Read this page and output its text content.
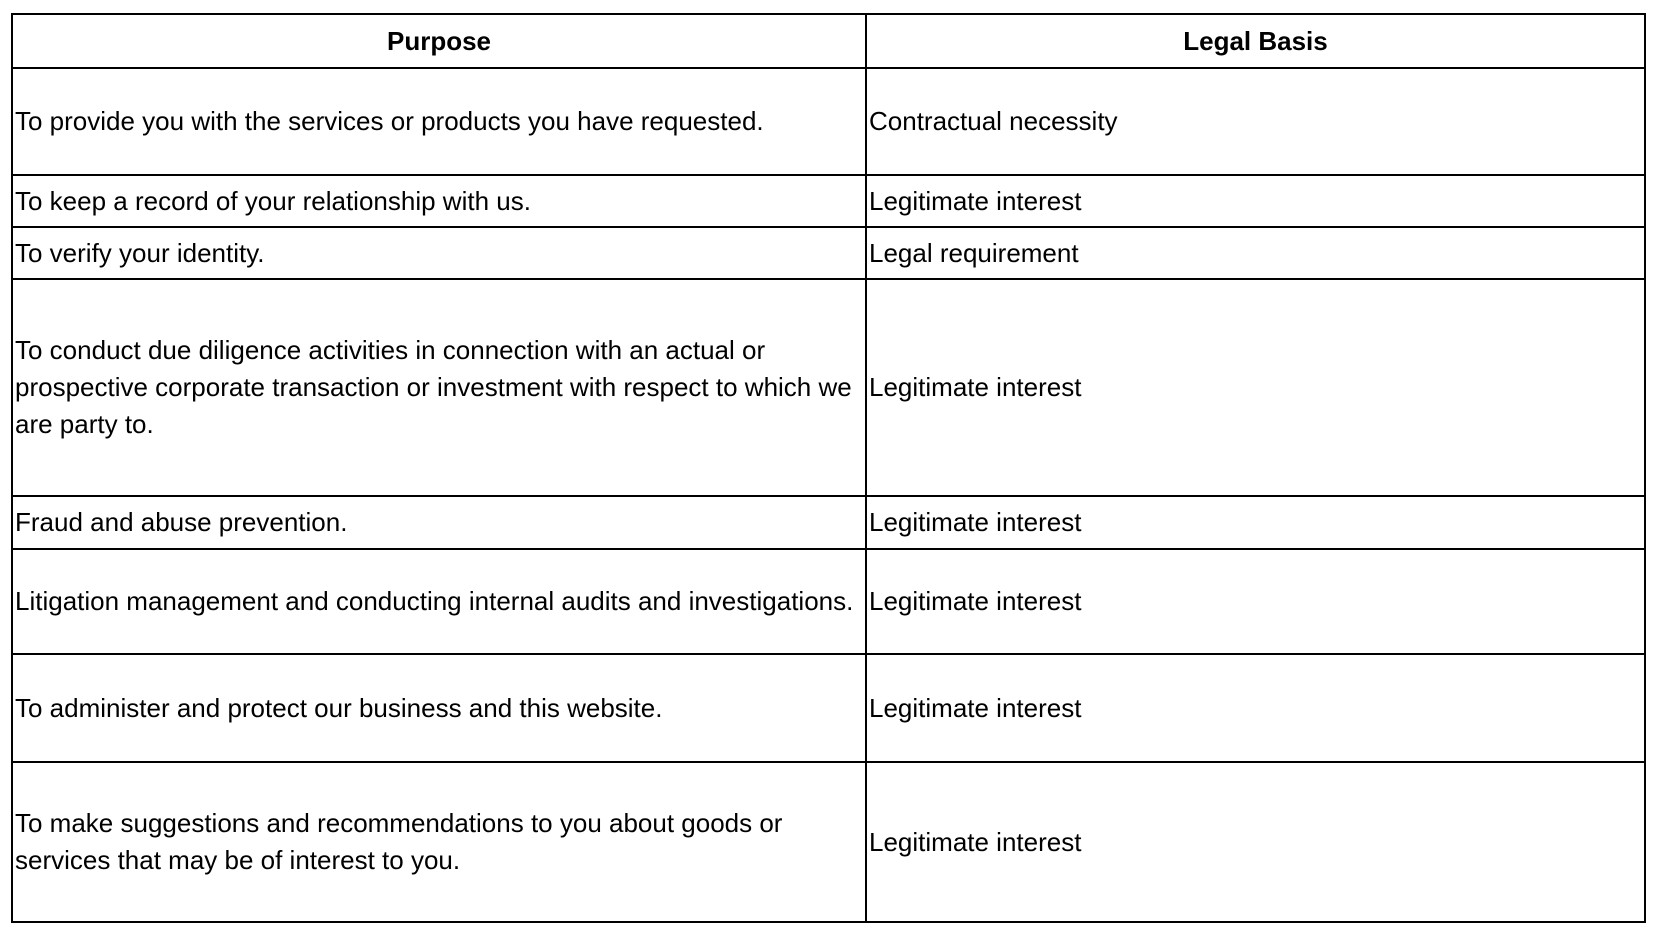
Purpose	Legal Basis
To provide you with the services or products you have requested.	Contractual necessity
To keep a record of your relationship with us.	Legitimate interest
To verify your identity.	Legal requirement
To conduct due diligence activities in connection with an actual or prospective corporate transaction or investment with respect to which we are party to.	Legitimate interest
Fraud and abuse prevention.	Legitimate interest
Litigation management and conducting internal audits and investigations.	Legitimate interest
To administer and protect our business and this website.	Legitimate interest
To make suggestions and recommendations to you about goods or services that may be of interest to you.	Legitimate interest
